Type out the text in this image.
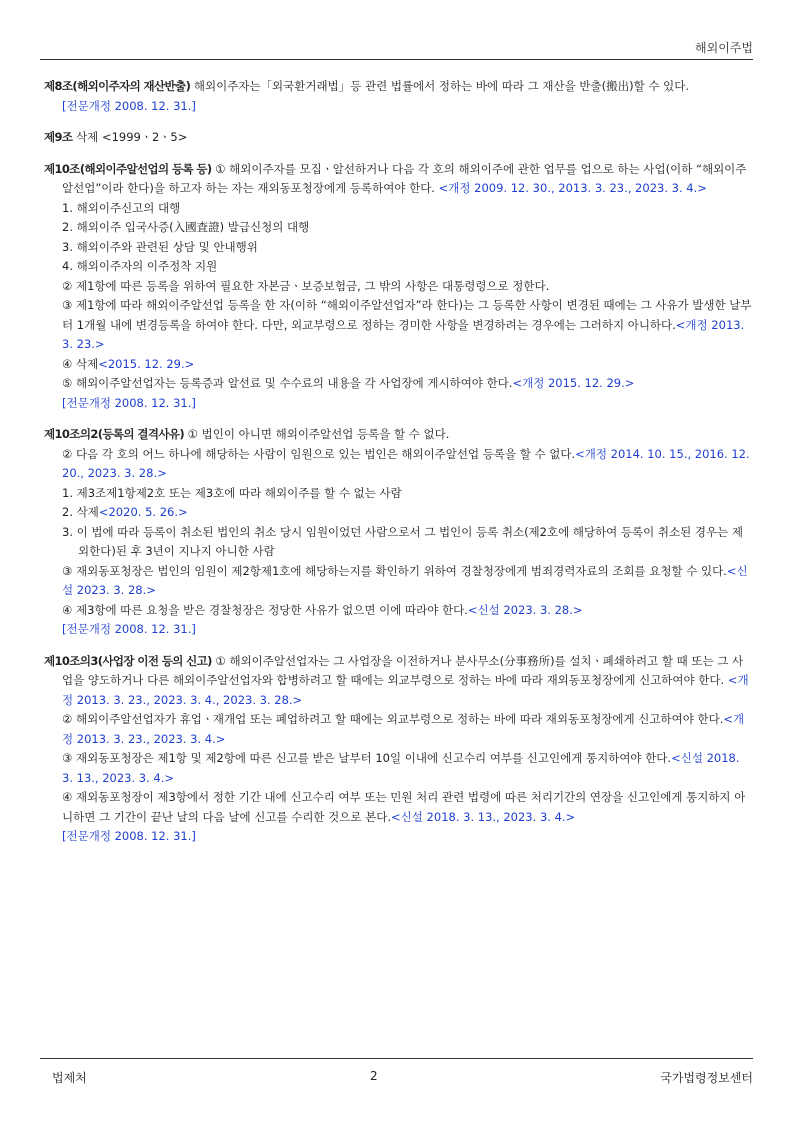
해외이주법
제8조(해외이주자의 재산반출) 해외이주자는「외국환거래법」등 관련 법률에서 정하는 바에 따라 그 재산을 반출(搬出)할 수 있다.
[전문개정 2008. 12. 31.]
제9조 삭제 <1999ㆍ2ㆍ5>
제10조(해외이주알선업의 등록 등) ① 해외이주자를 모집ㆍ알선하거나 다음 각 호의 해외이주에 관한 업무를 업으로 하는 사업(이하 “해외이주알선업”이라 한다)을 하고자 하는 자는 재외동포청장에게 등록하여야 한다. <개정 2009. 12. 30., 2013. 3. 23., 2023. 3. 4.>
1. 해외이주신고의 대행
2. 해외이주 입국사증(入國査證) 발급신청의 대행
3. 해외이주와 관련된 상담 및 안내행위
4. 해외이주자의 이주정착 지원
② 제1항에 따른 등록을 위하여 필요한 자본금ㆍ보증보험금, 그 밖의 사항은 대통령령으로 정한다.
③ 제1항에 따라 해외이주알선업 등록을 한 자(이하 “해외이주알선업자”라 한다)는 그 등록한 사항이 변경된 때에는 그 사유가 발생한 날부터 1개월 내에 변경등록을 하여야 한다. 다만, 외교부령으로 정하는 경미한 사항을 변경하려는 경우에는 그러하지 아니하다.<개정 2013. 3. 23.>
④ 삭제<2015. 12. 29.>
⑤ 해외이주알선업자는 등록증과 알선료 및 수수료의 내용을 각 사업장에 게시하여야 한다.<개정 2015. 12. 29.>
[전문개정 2008. 12. 31.]
제10조의2(등록의 결격사유) ① 법인이 아니면 해외이주알선업 등록을 할 수 없다.
② 다음 각 호의 어느 하나에 해당하는 사람이 임원으로 있는 법인은 해외이주알선업 등록을 할 수 없다.<개정 2014. 10. 15., 2016. 12. 20., 2023. 3. 28.>
1. 제3조제1항제2호 또는 제3호에 따라 해외이주를 할 수 없는 사람
2. 삭제<2020. 5. 26.>
3. 이 법에 따라 등록이 취소된 법인의 취소 당시 임원이었던 사람으로서 그 법인이 등록 취소(제2호에 해당하여 등록이 취소된 경우는 제외한다)된 후 3년이 지나지 아니한 사람
③ 재외동포청장은 법인의 임원이 제2항제1호에 해당하는지를 확인하기 위하여 경찰청장에게 범죄경력자료의 조회를 요청할 수 있다.<신설 2023. 3. 28.>
④ 제3항에 따른 요청을 받은 경찰청장은 정당한 사유가 없으면 이에 따라야 한다.<신설 2023. 3. 28.>
[전문개정 2008. 12. 31.]
제10조의3(사업장 이전 등의 신고) ① 해외이주알선업자는 그 사업장을 이전하거나 분사무소(分事務所)를 설치ㆍ폐쇄하려고 할 때 또는 그 사업을 양도하거나 다른 해외이주알선업자와 합병하려고 할 때에는 외교부령으로 정하는 바에 따라 재외동포청장에게 신고하여야 한다. <개정 2013. 3. 23., 2023. 3. 4., 2023. 3. 28.>
② 해외이주알선업자가 휴업ㆍ재개업 또는 폐업하려고 할 때에는 외교부령으로 정하는 바에 따라 재외동포청장에게 신고하여야 한다.<개정 2013. 3. 23., 2023. 3. 4.>
③ 재외동포청장은 제1항 및 제2항에 따른 신고를 받은 날부터 10일 이내에 신고수리 여부를 신고인에게 통지하여야 한다.<신설 2018. 3. 13., 2023. 3. 4.>
④ 재외동포청장이 제3항에서 정한 기간 내에 신고수리 여부 또는 민원 처리 관련 법령에 따른 처리기간의 연장을 신고인에게 통지하지 아니하면 그 기간이 끝난 날의 다음 날에 신고를 수리한 것으로 본다.<신설 2018. 3. 13., 2023. 3. 4.>
[전문개정 2008. 12. 31.]
법제처	2	국가법령정보센터
